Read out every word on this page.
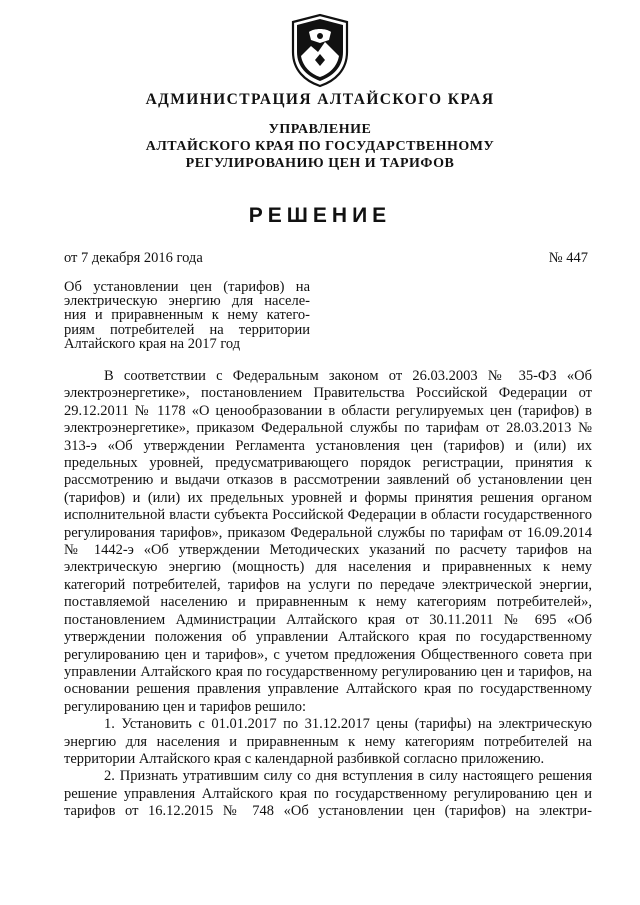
АДМИНИСТРАЦИЯ АЛТАЙСКОГО КРАЯ
УПРАВЛЕНИЕ
АЛТАЙСКОГО КРАЯ ПО ГОСУДАРСТВЕННОМУ
РЕГУЛИРОВАНИЮ ЦЕН И ТАРИФОВ
РЕШЕНИЕ
от 7 декабря 2016 года	№ 447
Об установлении цен (тарифов) на
электрическую энергию для населе-
ния и приравненным к нему катего-
риям потребителей на территории
Алтайского края на 2017 год

В соответствии с Федеральным законом от 26.03.2003 № 35-ФЗ «Об электроэнергетике», постановлением Правительства Российской Федерации от 29.12.2011 № 1178 «О ценообразовании в области регулируемых цен (тарифов) в электроэнергетике», приказом Федеральной службы по тарифам от 28.03.2013 № 313-э «Об утверждении Регламента установления цен (тарифов) и (или) их предельных уровней, предусматривающего порядок регистрации, принятия к рассмотрению и выдачи отказов в рассмотрении заявлений об установлении цен (тарифов) и (или) их предельных уровней и формы принятия решения органом исполнительной власти субъекта Российской Федерации в области государственного регулирования тарифов», приказом Федеральной службы по тарифам от 16.09.2014 № 1442-э «Об утверждении Методических указаний по расчету тарифов на электрическую энергию (мощность) для населения и приравненных к нему категорий потребителей, тарифов на услуги по передаче электрической энергии, поставляемой населению и приравненным к нему категориям потребителей», постановлением Администрации Алтайского края от 30.11.2011 № 695 «Об утверждении положения об управлении Алтайского края по государственному регулированию цен и тарифов», с учетом предложения Общественного совета при управлении Алтайского края по государственному регулированию цен и тарифов, на основании решения правления управление Алтайского края по государственному регулированию цен и тарифов решило:

1. Установить с 01.01.2017 по 31.12.2017 цены (тарифы) на электрическую энергию для населения и приравненным к нему категориям потребителей на территории Алтайского края с календарной разбивкой согласно приложению.

2. Признать утратившим силу со дня вступления в силу настоящего решения решение управления Алтайского края по государственному регулированию цен и тарифов от 16.12.2015 № 748 «Об установлении цен (тарифов) на электри-
